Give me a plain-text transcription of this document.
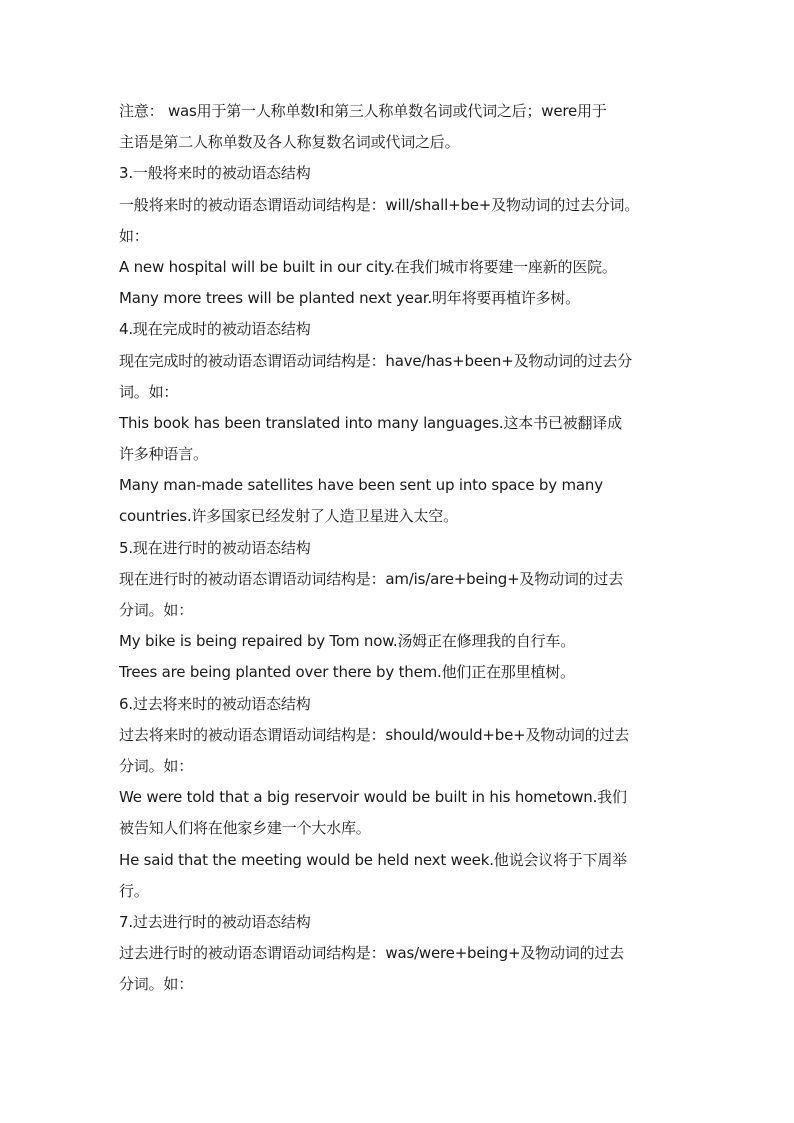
注意： was用于第一人称单数Ⅰ和第三人称单数名词或代词之后；were用于
主语是第二人称单数及各人称复数名词或代词之后。
3.一般将来时的被动语态结构
一般将来时的被动语态谓语动词结构是：will/shall+be+及物动词的过去分词。
如：
A new hospital will be built in our city.在我们城市将要建一座新的医院。
Many more trees will be planted next year.明年将要再植许多树。
4.现在完成时的被动语态结构
现在完成时的被动语态谓语动词结构是：have/has+been+及物动词的过去分
词。如：
This book has been translated into many languages.这本书已被翻译成
许多种语言。
Many man-made satellites have been sent up into space by many
countries.许多国家已经发射了人造卫星进入太空。
5.现在进行时的被动语态结构
现在进行时的被动语态谓语动词结构是：am/is/are+being+及物动词的过去
分词。如：
My bike is being repaired by Tom now.汤姆正在修理我的自行车。
Trees are being planted over there by them.他们正在那里植树。
6.过去将来时的被动语态结构
过去将来时的被动语态谓语动词结构是：should/would+be+及物动词的过去
分词。如：
We were told that a big reservoir would be built in his hometown.我们
被告知人们将在他家乡建一个大水库。
He said that the meeting would be held next week.他说会议将于下周举
行。
7.过去进行时的被动语态结构
过去进行时的被动语态谓语动词结构是：was/were+being+及物动词的过去
分词。如：
